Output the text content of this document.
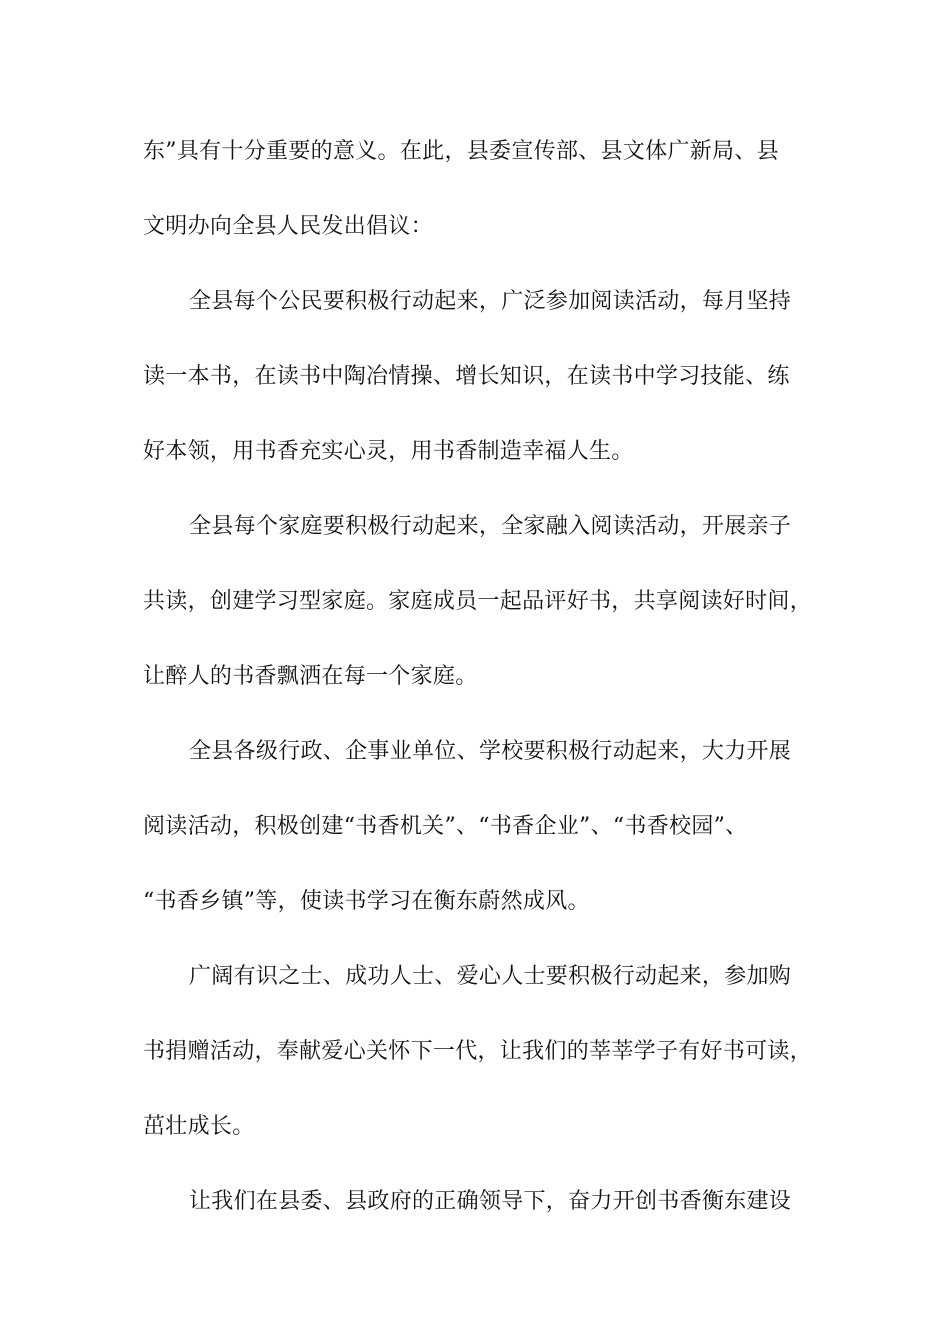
东”具有十分重要的意义。在此，县委宣传部、县文体广新局、县
文明办向全县人民发出倡议：
全县每个公民要积极行动起来，广泛参加阅读活动，每月坚持
读一本书，在读书中陶冶情操、增长知识，在读书中学习技能、练
好本领，用书香充实心灵，用书香制造幸福人生。
全县每个家庭要积极行动起来，全家融入阅读活动，开展亲子
共读，创建学习型家庭。家庭成员一起品评好书，共享阅读好时间，
让醉人的书香飘洒在每一个家庭。
全县各级行政、企事业单位、学校要积极行动起来，大力开展
阅读活动，积极创建“书香机关”、“书香企业”、“书香校园”、
“书香乡镇”等，使读书学习在衡东蔚然成风。
广阔有识之士、成功人士、爱心人士要积极行动起来，参加购
书捐赠活动，奉献爱心关怀下一代，让我们的莘莘学子有好书可读，
茁壮成长。
让我们在县委、县政府的正确领导下，奋力开创书香衡东建设
